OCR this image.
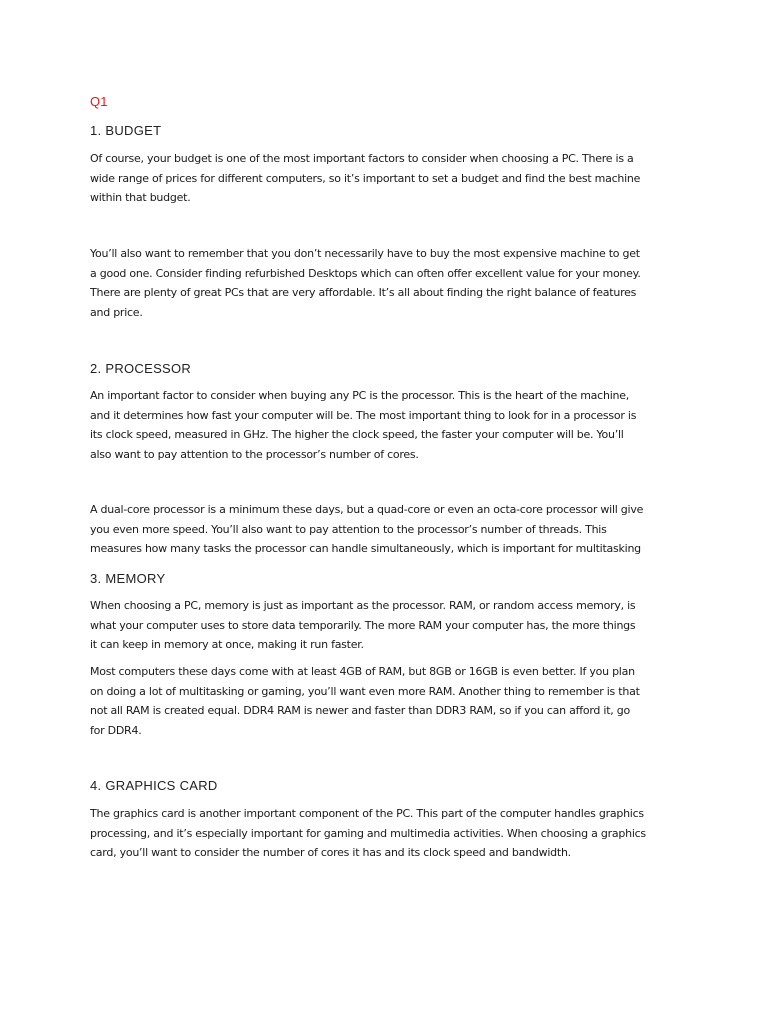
Q1
1. BUDGET

Of course, your budget is one of the most important factors to consider when choosing a PC. There is a
wide range of prices for different computers, so it’s important to set a budget and find the best machine
within that budget.

You’ll also want to remember that you don’t necessarily have to buy the most expensive machine to get
a good one. Consider finding refurbished Desktops which can often offer excellent value for your money.
There are plenty of great PCs that are very affordable. It’s all about finding the right balance of features
and price.

2. PROCESSOR

An important factor to consider when buying any PC is the processor. This is the heart of the machine,
and it determines how fast your computer will be. The most important thing to look for in a processor is
its clock speed, measured in GHz. The higher the clock speed, the faster your computer will be. You’ll
also want to pay attention to the processor’s number of cores.

A dual-core processor is a minimum these days, but a quad-core or even an octa-core processor will give
you even more speed. You’ll also want to pay attention to the processor’s number of threads. This
measures how many tasks the processor can handle simultaneously, which is important for multitasking

3. MEMORY

When choosing a PC, memory is just as important as the processor. RAM, or random access memory, is
what your computer uses to store data temporarily. The more RAM your computer has, the more things
it can keep in memory at once, making it run faster.

Most computers these days come with at least 4GB of RAM, but 8GB or 16GB is even better. If you plan
on doing a lot of multitasking or gaming, you’ll want even more RAM. Another thing to remember is that
not all RAM is created equal. DDR4 RAM is newer and faster than DDR3 RAM, so if you can afford it, go
for DDR4.

4. GRAPHICS CARD

The graphics card is another important component of the PC. This part of the computer handles graphics
processing, and it’s especially important for gaming and multimedia activities. When choosing a graphics
card, you’ll want to consider the number of cores it has and its clock speed and bandwidth.
